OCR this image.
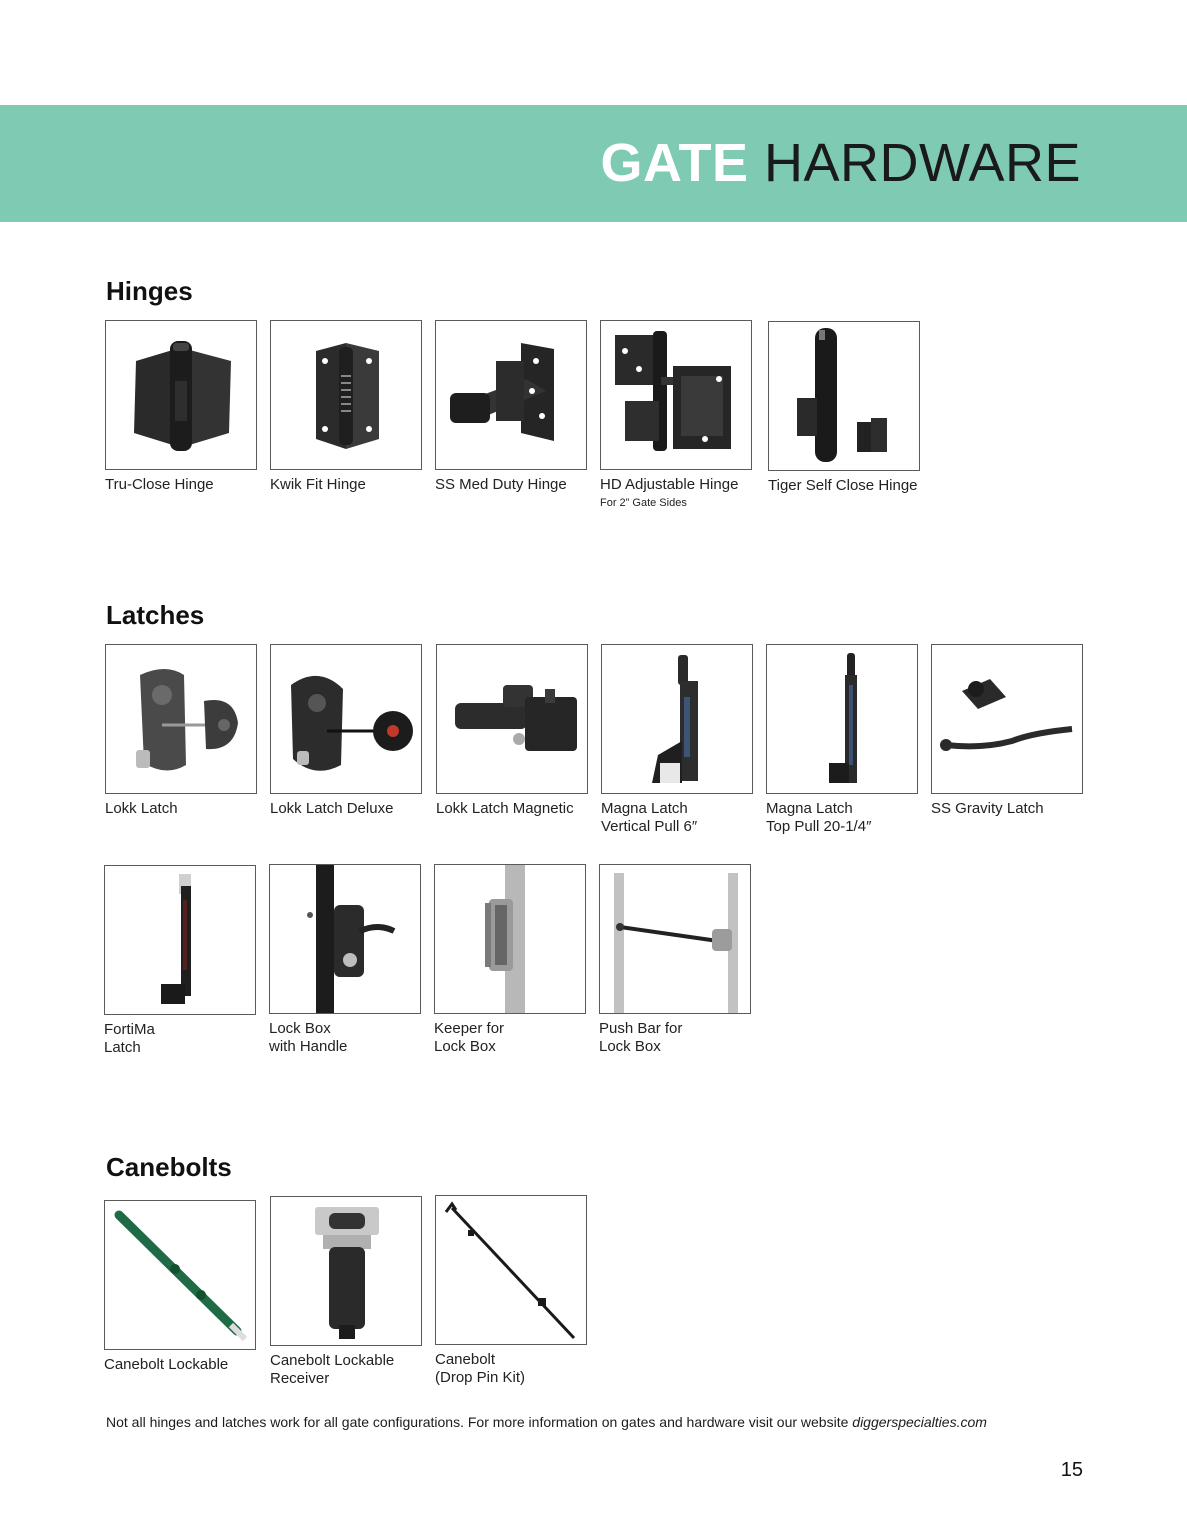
GATE HARDWARE
Hinges
Tru-Close Hinge	Kwik Fit Hinge	SS Med Duty Hinge	HD Adjustable Hinge
For 2” Gate Sides
Tiger Self Close Hinge
Latches
Lokk Latch	Lokk Latch Deluxe	Lokk Latch Magnetic	Magna Latch
Vertical Pull 6″
Magna Latch
Top Pull 20-1/4″
SS Gravity Latch
FortiMa
Latch
Lock Box
with Handle
Keeper for
Lock Box
Push Bar for
Lock Box
Canebolts
Canebolt Lockable	Canebolt Lockable
Receiver
Canebolt
(Drop Pin Kit)
Not all hinges and latches work for all gate configurations. For more information on gates and hardware visit our website diggerspecialties.com
15
